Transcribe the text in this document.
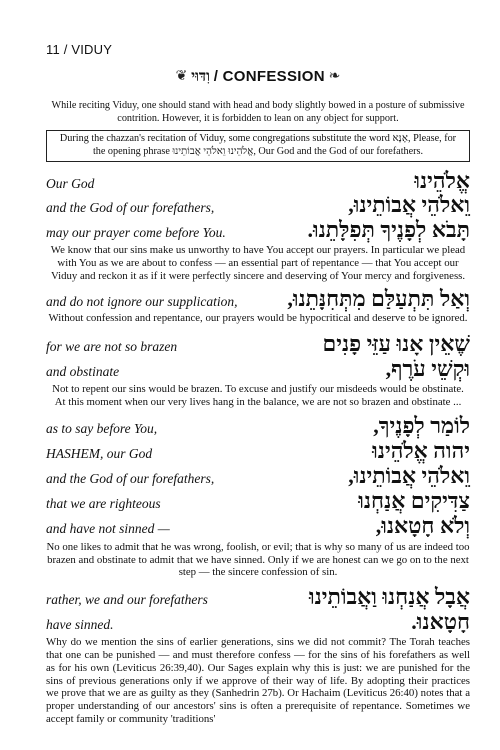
11 / VIDUY
❦ וִדּוּי / CONFESSION ❧
While reciting Viduy, one should stand with head and body slightly bowed in a posture of submissive contrition. However, it is forbidden to lean on any object for support.
During the chazzan's recitation of Viduy, some congregations substitute the word אָנָּא, Please, for the opening phrase אֱלֹהֵינוּ וֵאלֹהֵי אֲבוֹתֵינוּ, Our God and the God of our forefathers.
Our God	אֱלֹהֵינוּ
and the God of our forefathers,	וֵאלֹהֵי אֲבוֹתֵינוּ,
may our prayer come before You.	תָּבֹא לְפָנֶיךָ תְּפִלָּתֵנוּ.
We know that our sins make us unworthy to have You accept our prayers. In particular we plead with You as we are about to confess — an essential part of repentance — that You accept our Viduy and reckon it as if it were perfectly sincere and deserving of Your mercy and forgiveness.
and do not ignore our supplication, וְאַל תִּתְעַלַּם מִתְּחִנָּתֵנוּ,
Without confession and repentance, our prayers would be hypocritical and deserve to be ignored.
for we are not so brazen	שֶׁאֵין אָנוּ עַזֵּי פָנִים
and obstinate	וּקְשֵׁי עֹרֶף,
Not to repent our sins would be brazen. To excuse and justify our misdeeds would be obstinate. At this moment when our very lives hang in the balance, we are not so brazen and obstinate ...
as to say before You,	לוֹמַר לְפָנֶיךָ,
HASHEM, our God	יהוה אֱלֹהֵינוּ
and the God of our forefathers,	וֵאלֹהֵי אֲבוֹתֵינוּ,
that we are righteous	צַדִּיקִים אֲנַחְנוּ
and have not sinned —	וְלֹא חָטָאנוּ,
No one likes to admit that he was wrong, foolish, or evil; that is why so many of us are indeed too brazen and obstinate to admit that we have sinned. Only if we are honest can we go on to the next step — the sincere confession of sin.
rather, we and our forefathers	אֲבָל אֲנַחְנוּ וַאֲבוֹתֵינוּ
have sinned.	חָטָאנוּ.
Why do we mention the sins of earlier generations, sins we did not commit? The Torah teaches that one can be punished — and must therefore confess — for the sins of his forefathers as well as for his own (Leviticus 26:39,40). Our Sages explain why this is just: we are punished for the sins of previous generations only if we approve of their way of life. By adopting their practices we prove that we are as guilty as they (Sanhedrin 27b). Or Hachaim (Leviticus 26:40) notes that a proper understanding of our ancestors' sins is often a prerequisite of repentance. Sometimes we accept family or community 'traditions'
